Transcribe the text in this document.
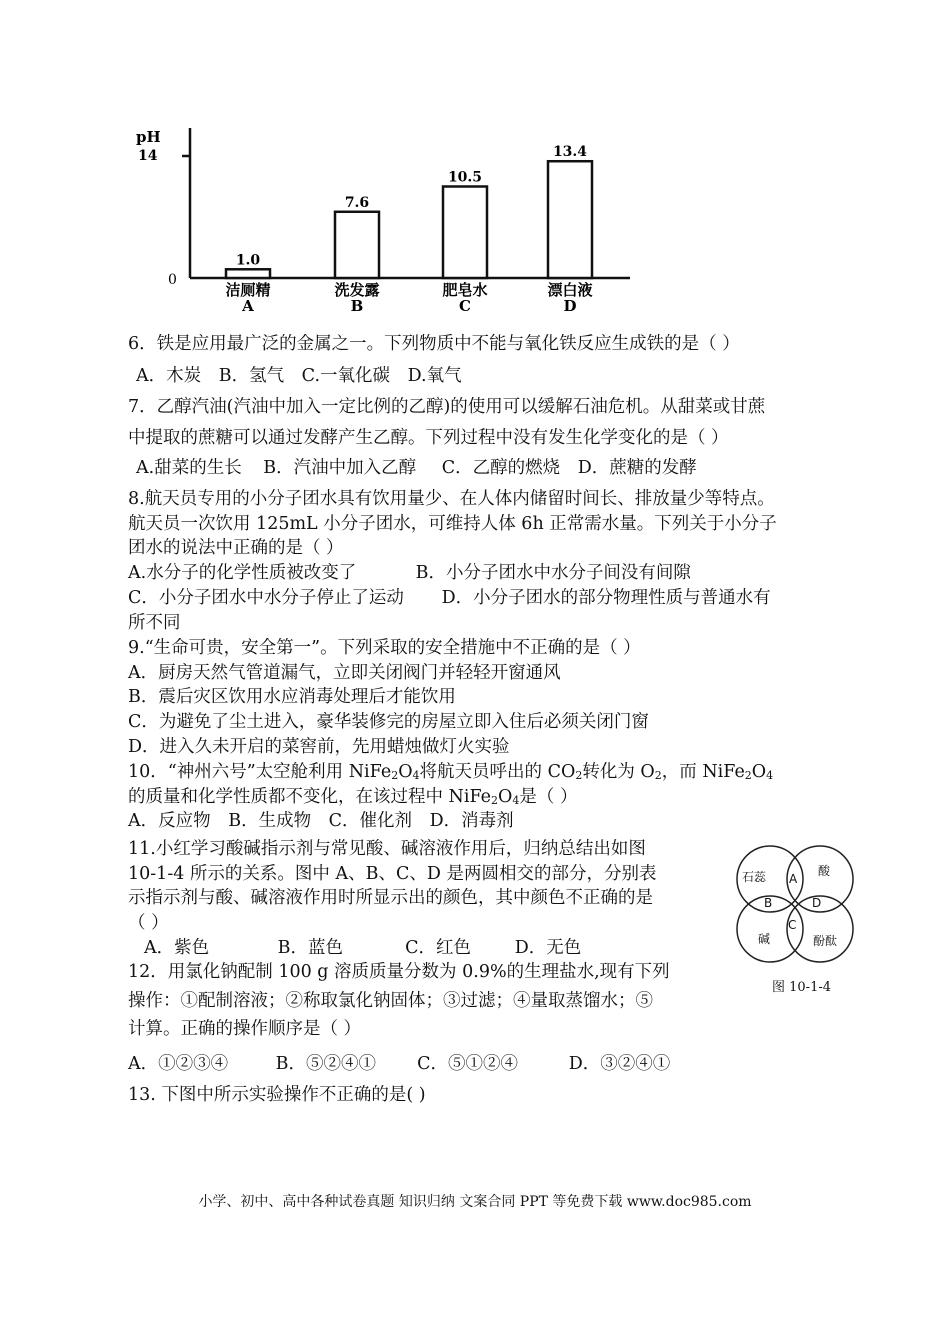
pH
14
0
1.0
洁厕精
A
7.6
洗发露
B
10.5
肥皂水
C
13.4
漂白液
D
6．铁是应用最广泛的金属之一。下列物质中不能与氧化铁反应生成铁的是（ ）
A．木炭 B．氢气 C.一氧化碳 D.氧气
7．乙醇汽油(汽油中加入一定比例的乙醇)的使用可以缓解石油危机。从甜菜或甘蔗
中提取的蔗糖可以通过发酵产生乙醇。下列过程中没有发生化学变化的是（ ）
A.甜菜的生长 B．汽油中加入乙醇 C．乙醇的燃烧 D．蔗糖的发酵
8.航天员专用的小分子团水具有饮用量少、在人体内储留时间长、排放量少等特点。
航天员一次饮用 125mL 小分子团水，可维持人体 6h 正常需水量。下列关于小分子
团水的说法中正确的是（ ）
A.水分子的化学性质被改变了	B．小分子团水中水分子间没有间隙
C．小分子团水中水分子停止了运动 D．小分子团水的部分物理性质与普通水有
所不同
9.“生命可贵，安全第一”。下列采取的安全措施中不正确的是（ ）
A．厨房天然气管道漏气，立即关闭阀门并轻轻开窗通风
B．震后灾区饮用水应消毒处理后才能饮用
C．为避免了尘土进入，豪华装修完的房屋立即入住后必须关闭门窗
D．进入久未开启的菜窖前，先用蜡烛做灯火实验
10．“神州六号”太空舱利用 $NiFe_2O_4$将航天员呼出的 $CO_2$转化为 $O_2$，而 $NiFe_2O_4$
的质量和化学性质都不变化，在该过程中 $NiFe_2O_4$是（ ）
A．反应物 B．生成物 C．催化剂 D．消毒剂
11.小红学习酸碱指示剂与常见酸、碱溶液作用后，归纳总结出如图
10-1-4 所示的关系。图中 A、B、C、D 是两圆相交的部分，分别表
示指示剂与酸、碱溶液作用时所显示出的颜色，其中颜色不正确的是
（ ）
A．紫色	B．蓝色	C．红色 D．无色
石蕊	酸
碱	酚酞
A
B
C
D
图 10-1-4
12．用氯化钠配制 100 g 溶质质量分数为 0.9%的生理盐水,现有下列
操作：①配制溶液；②称取氯化钠固体；③过滤；④量取蒸馏水；⑤
计算。正确的操作顺序是（ ）
A．①②③④	B．⑤②④① C．⑤①②④	D．③②④①
13. 下图中所示实验操作不正确的是( )
小学、初中、高中各种试卷真题 知识归纳 文案合同 PPT 等免费下载 www.doc985.com
